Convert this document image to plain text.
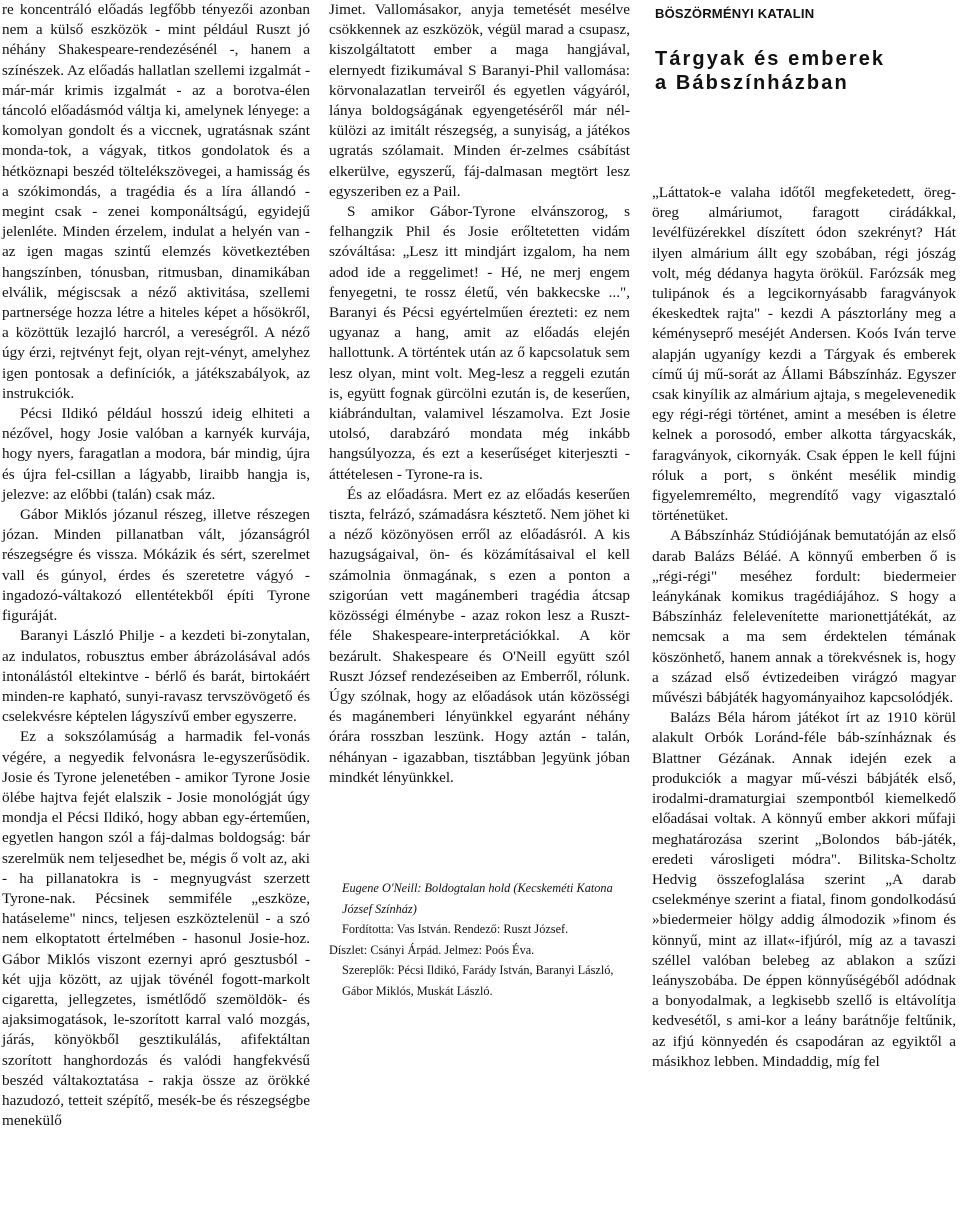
re koncentráló előadás legfőbb tényezői azonban nem a külső eszközök - mint például Ruszt jó néhány Shakespeare-rendezésénél -, hanem a színészek. Az előadás hallatlan szellemi izgalmát - már-már krimis izgalmát - az a borotva-élen táncoló előadásmód váltja ki, amelynek lényege: a komolyan gondolt és a viccnek, ugratásnak szánt monda-tok, a vágyak, titkos gondolatok és a hétköznapi beszéd töltelékszövegei, a hamisság és a szókimondás, a tragédia és a líra állandó - megint csak - zenei komponáltságú, egyidejű jelenléte. Minden érzelem, indulat a helyén van - az igen magas szintű elemzés következtében hangszínben, tónusban, ritmusban, dinamikában elválik, mégiscsak a néző aktivitása, szellemi partnersége hozza létre a hiteles képet a hősökről, a közöttük lezajló harcról, a vereségről. A néző úgy érzi, rejtvényt fejt, olyan rejt-vényt, amelyhez igen pontosak a definíciók, a játékszabályok, az instrukciók.

Pécsi Ildikó például hosszú ideig elhiteti a nézővel, hogy Josie valóban a karnyék kurvája, hogy nyers, faragatlan a modora, bár mindig, újra és újra fel-csillan a lágyabb, liraibb hangja is, jelezve: az előbbi (talán) csak máz.

Gábor Miklós józanul részeg, illetve részegen józan. Minden pillanatban vált, józanságról részegségre és vissza. Mókázik és sért, szerelmet vall és gúnyol, érdes és szeretetre vágyó - ingadozó-váltakozó ellentétekből építi Tyrone figuráját.

Baranyi László Philje - a kezdeti bi-zonytalan, az indulatos, robusztus ember ábrázolásával adós intonálástól eltekintve - bérlő és barát, birtokáért minden-re kapható, sunyi-ravasz tervszövögető és cselekvésre képtelen lágyszívű ember egyszerre.

Ez a sokszólamúság a harmadik fel-vonás végére, a negyedik felvonásra le-egyszerűsödik. Josie és Tyrone jelenetében - amikor Tyrone Josie ölébe hajtva fejét elalszik - Josie monológját úgy mondja el Pécsi Ildikó, hogy abban egy-érteműen, egyetlen hangon szól a fáj-dalmas boldogság: bár szerelmük nem teljesedhet be, mégis ő volt az, aki - ha pillanatokra is - megnyugvást szerzett Tyrone-nak. Pécsinek semmiféle „eszköze, hatáseleme" nincs, teljesen eszköztelenül - a szó nem elkoptatott értelmében - hasonul Josie-hoz. Gábor Miklós viszont ezernyi apró gesztusból - két ujja között, az ujjak tövénél fogott-markolt cigaretta, jellegzetes, ismétlődő szemöldök- és ajaksimogatások, le-szorított karral való mozgás, járás, könyökből gesztikulálás, afifektáltan szorított hanghordozás és valódi hangfekvésű beszéd váltakoztatása - rakja össze az örökké hazudozó, tetteit szépítő, mesék-be és részegségbe menekülő

Jimet. Vallomásakor, anyja temetését mesélve csökkennek az eszközök, végül marad a csupasz, kiszolgáltatott ember a maga hangjával, elernyedt fizikumával S Baranyi-Phil vallomása: körvonalazatlan terveiről és egyetlen vágyáról, lánya boldogságának egyengetéséről már nél-külözi az imitált részegség, a sunyiság, a játékos ugratás szólamait. Minden ér-zelmes csábítást elkerülve, egyszerű, fáj-dalmasan megtört lesz egyszeriben ez a Pail.

S amikor Gábor-Tyrone elvánszorog, s felhangzik Phil és Josie erőltetetten vidám szóváltása: „Lesz itt mindjárt izgalom, ha nem adod ide a reggelimet! - Hé, ne merj engem fenyegetni, te rossz életű, vén bakkecske ...", Baranyi és Pécsi egyértelműen érezteti: ez nem ugyanaz a hang, amit az előadás elején hallottunk. A történtek után az ő kapcsolatuk sem lesz olyan, mint volt. Meg-lesz a reggeli ezután is, együtt fognak gürcölni ezután is, de keserűen, kiábrándultan, valamivel lészamolva. Ezt Josie utolsó, darabzáró mondata még inkább hangsúlyozza, és ezt a keserűséget kiterjeszti - áttételesen - Tyrone-ra is.

És az előadásra. Mert ez az előadás keserűen tiszta, felrázó, számadásra késztető. Nem jöhet ki a néző közönyösen erről az előadásról. A kis hazugságaival, ön- és közámításaival el kell számolnia önmagának, s ezen a ponton a szigorúan vett magánemberi tragédia átcsap közösségi élménybe - azaz rokon lesz a Ruszt-féle Shakespeare-interpretációkkal. A kör bezárult. Shakespeare és O'Neill együtt szól Ruszt József rendezéseiben az Emberről, rólunk. Úgy szólnak, hogy az előadások után közösségi és magánemberi lényünkkel egyaránt néhány órára rosszban leszünk. Hogy aztán - talán, néhányan - igazabban, tisztábban ]együnk jóban mindkét lényünkkel.

Eugene O'Neill: Boldogtalan hold (Kecskeméti Katona József Színház)
Fordította: Vas István. Rendező: Ruszt József.
Díszlet: Csányi Árpád. Jelmez: Poós Éva.
Szereplők: Pécsi Ildikó, Farády István, Baranyi László, Gábor Miklós, Muskát László.
BÖSZÖRMÉNYI KATALIN
Tárgyak és emberek
a Bábszínházban

„Láttatok-e valaha időtől megfeketedett, öreg-öreg almáriumot, faragott cirádákkal, levélfüzérekkel díszített ódon szekrényt? Hát ilyen almárium állt egy szobában, régi jószág volt, még dédanya hagyta örökül. Farózsák meg tulipánok és a legcikornyásabb faragványok ékeskedtek rajta" - kezdi A pásztorlány meg a kéményseprő meséjét Andersen. Koós Iván terve alapján ugyanígy kezdi a Tárgyak és emberek című új mű-sorát az Állami Bábszínház. Egyszer csak kinyílik az almárium ajtaja, s megelevenedik egy régi-régi történet, amint a mesében is életre kelnek a porosodó, ember alkotta tárgyacskák, faragványok, cikornyák. Csak éppen le kell fújni róluk a port, s önként mesélik mindig figyelemremélto, megrendítő vagy vigasztaló történetüket.

A Bábszínház Stúdiójának bemutatóján az első darab Balázs Béláé. A könnyű emberben ő is „régi-régi" meséhez fordult: biedermeier leánykának komikus tragédiájához. S hogy a Bábszínház felelevenítette marionettjátékát, az nemcsak a ma sem érdektelen témának köszönhető, hanem annak a törekvésnek is, hogy a század első évtizedeiben virágzó magyar művészi bábjáték hagyományaihoz kapcsolódjék.

Balázs Béla három játékot írt az 1910 körül alakult Orbók Loránd-féle báb-színháznak és Blattner Gézának. Annak idején ezek a produkciók a magyar mű-vészi bábjáték első, irodalmi-dramaturgiai szempontból kiemelkedő előadásai voltak. A könnyű ember akkori műfaji meghatározása szerint „Bolondos báb-játék, eredeti városligeti módra". Bilitska-Scholtz Hedvig összefoglalása szerint „A darab cselekménye szerint a fiatal, finom gondolkodású »biedermeier hölgy addig álmodozik »finom és könnyű, mint az illat«-ifjúról, míg az a tavaszi széllel valóban belebeg az ablakon a szűzi leányszobába. De éppen könnyűségéből adódnak a bonyodalmak, a legkisebb szellő is eltávolítja kedvesétől, s ami-kor a leány barátnője feltűnik, az ifjú könnyedén és csapodáran az egyiktől a másikhoz lebben. Mindaddig, míg fel
